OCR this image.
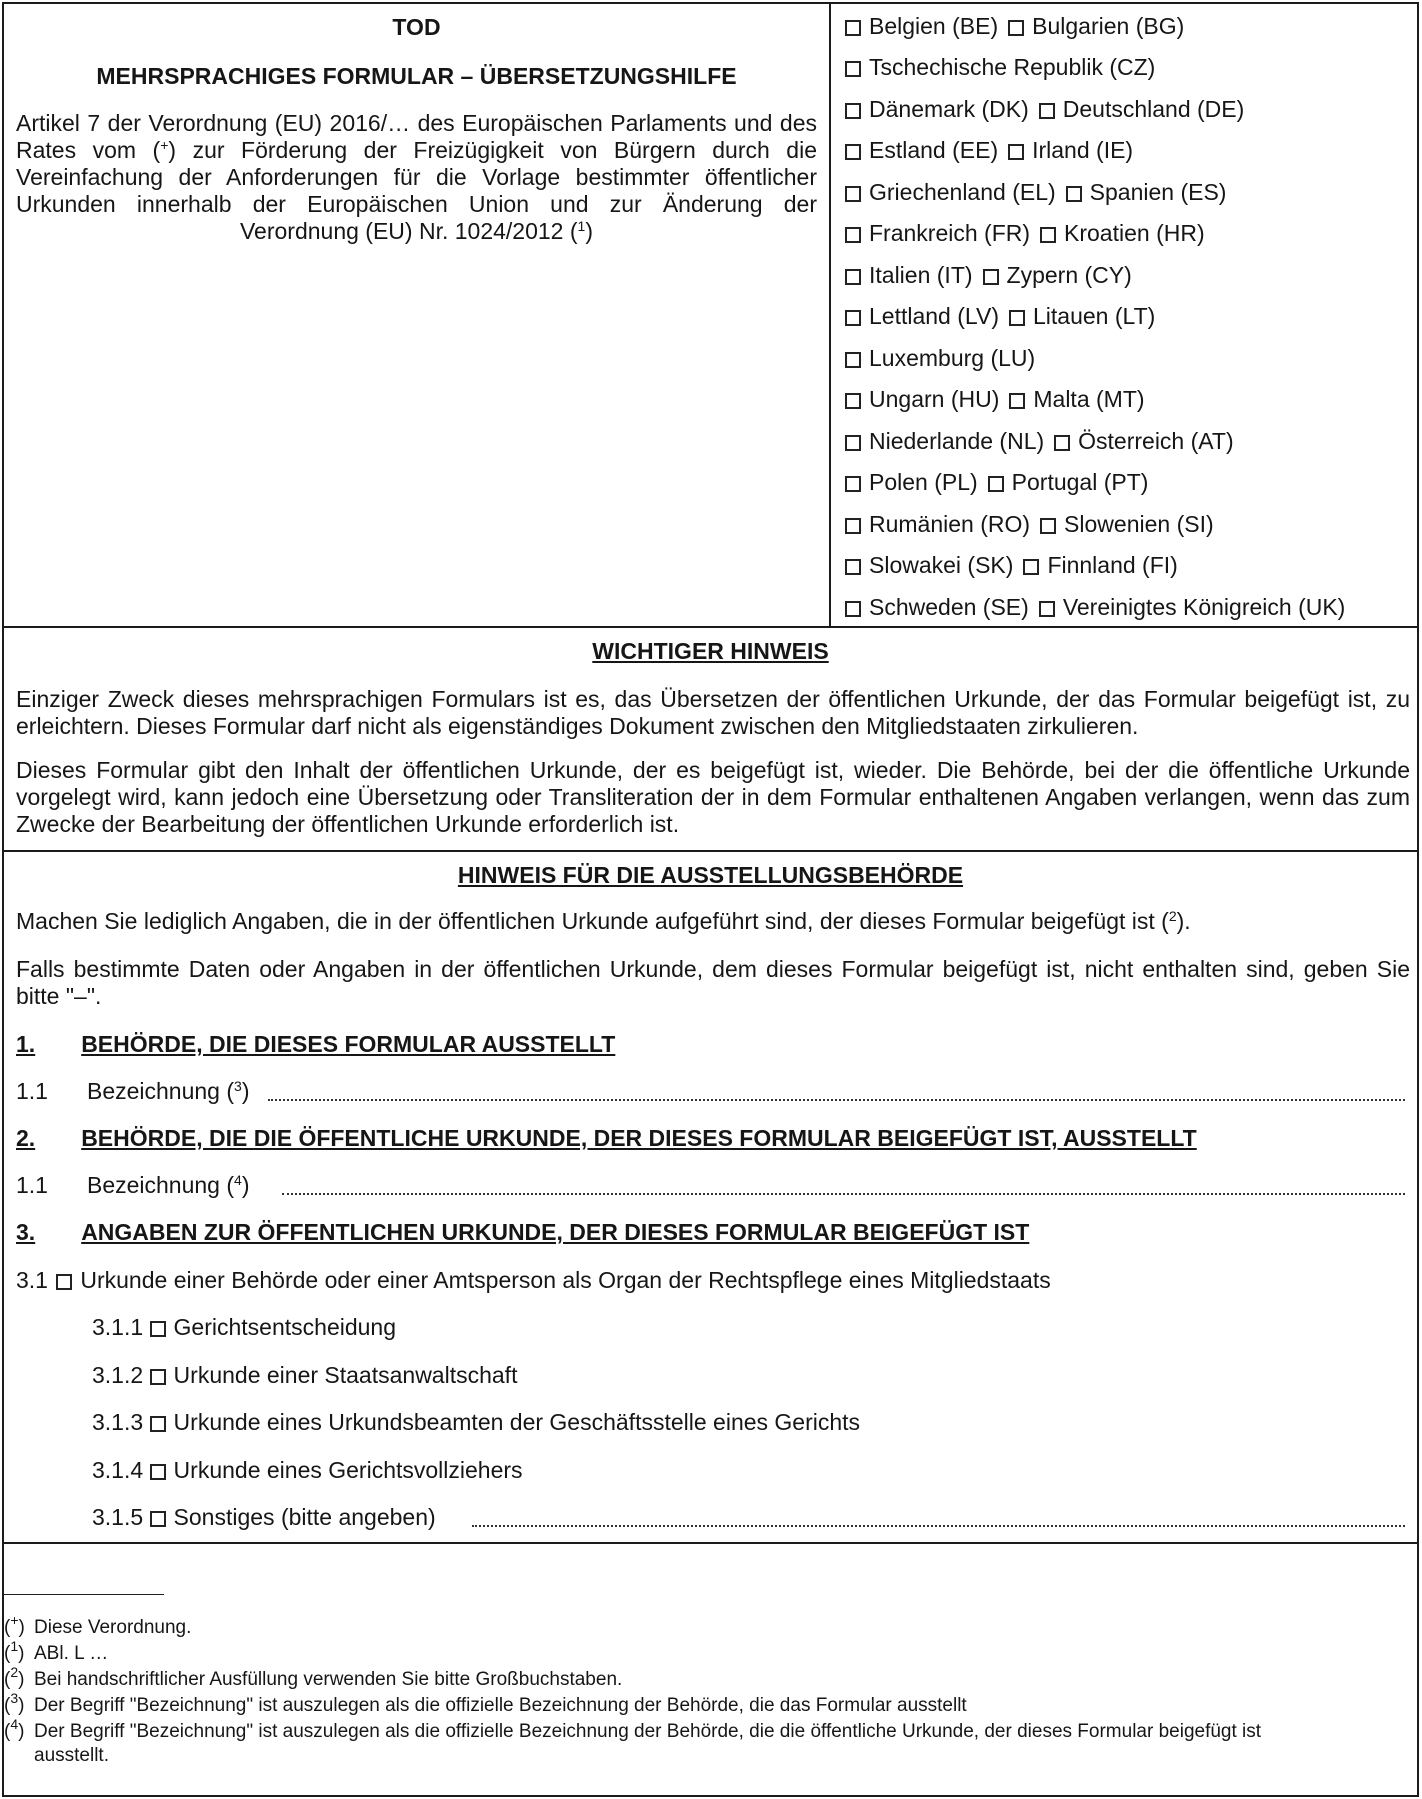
TOD
MEHRSPRACHIGES FORMULAR – ÜBERSETZUNGSHILFE
Artikel 7 der Verordnung (EU) 2016/… des Europäischen Parlaments und des Rates vom (+) zur Förderung der Freizügigkeit von Bürgern durch die Vereinfachung der Anforderungen für die Vorlage bestimmter öffentlicher Urkunden innerhalb der Europäischen Union und zur Änderung der Verordnung (EU) Nr. 1024/2012 ($^1$)
Belgien (BE) Bulgarien (BG)
Tschechische Republik (CZ)
Dänemark (DK) Deutschland (DE)
Estland (EE) Irland (IE)
Griechenland (EL) Spanien (ES)
Frankreich (FR) Kroatien (HR)
Italien (IT) Zypern (CY)
Lettland (LV) Litauen (LT)
Luxemburg (LU)
Ungarn (HU) Malta (MT)
Niederlande (NL) Österreich (AT)
Polen (PL) Portugal (PT)
Rumänien (RO) Slowenien (SI)
Slowakei (SK) Finnland (FI)
Schweden (SE) Vereinigtes Königreich (UK)
WICHTIGER HINWEIS
Einziger Zweck dieses mehrsprachigen Formulars ist es, das Übersetzen der öffentlichen Urkunde, der das Formular beigefügt ist, zu erleichtern. Dieses Formular darf nicht als eigenständiges Dokument zwischen den Mitgliedstaaten zirkulieren.
Dieses Formular gibt den Inhalt der öffentlichen Urkunde, der es beigefügt ist, wieder. Die Behörde, bei der die öffentliche Urkunde vorgelegt wird, kann jedoch eine Übersetzung oder Transliteration der in dem Formular enthaltenen Angaben verlangen, wenn das zum Zwecke der Bearbeitung der öffentlichen Urkunde erforderlich ist.
HINWEIS FÜR DIE AUSSTELLUNGSBEHÖRDE
Machen Sie lediglich Angaben, die in der öffentlichen Urkunde aufgeführt sind, der dieses Formular beigefügt ist ($^2$).
Falls bestimmte Daten oder Angaben in der öffentlichen Urkunde, dem dieses Formular beigefügt ist, nicht enthalten sind, geben Sie bitte "–".
1. BEHÖRDE, DIE DIESES FORMULAR AUSSTELLT
1.1 Bezeichnung ($^3$)
2. BEHÖRDE, DIE DIE ÖFFENTLICHE URKUNDE, DER DIESES FORMULAR BEIGEFÜGT IST, AUSSTELLT
1.1 Bezeichnung ($^4$)
3. ANGABEN ZUR ÖFFENTLICHEN URKUNDE, DER DIESES FORMULAR BEIGEFÜGT IST
3.1 Urkunde einer Behörde oder einer Amtsperson als Organ der Rechtspflege eines Mitgliedstaats
3.1.1 Gerichtsentscheidung
3.1.2 Urkunde einer Staatsanwaltschaft
3.1.3 Urkunde eines Urkundsbeamten der Geschäftsstelle eines Gerichts
3.1.4 Urkunde eines Gerichtsvollziehers
3.1.5 Sonstiges (bitte angeben)
(+) Diese Verordnung.
($^1$) ABl. L …
($^2$) Bei handschriftlicher Ausfüllung verwenden Sie bitte Großbuchstaben.
($^3$) Der Begriff "Bezeichnung" ist auszulegen als die offizielle Bezeichnung der Behörde, die das Formular ausstellt
($^4$) Der Begriff "Bezeichnung" ist auszulegen als die offizielle Bezeichnung der Behörde, die die öffentliche Urkunde, der dieses Formular beigefügt ist
ausstellt.
